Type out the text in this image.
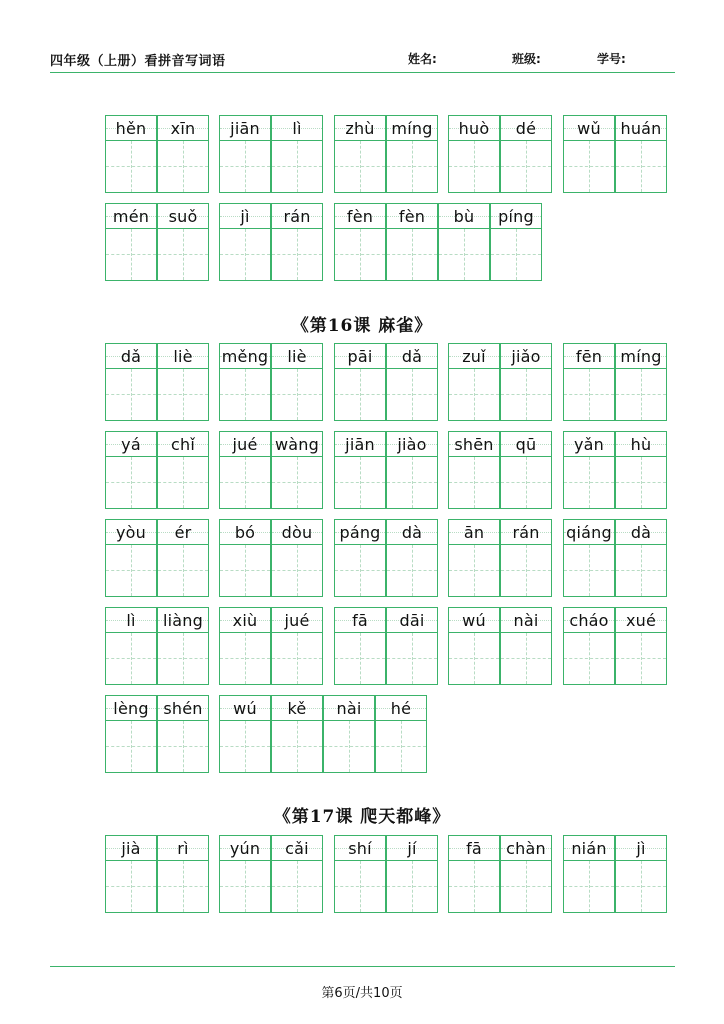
四年级（上册）看拼音写词语	姓名:	班级:	学号:
《第16课 麻雀》
《第17课 爬天都峰》
hěn xīn jiān lì	zhù míng huò dé	wǔ huán
mén suǒ	jì rán fèn fèn bù píng
dǎ liè měng liè	pāi dǎ	zuǐ jiǎo fēn míng
yá chǐ jué wàng jiān jiào shēn qū yǎn hù
yòu ér	bó dòu páng dà	ān rán qiáng dà
lì liàng xiù jué	fā dāi wú nài cháo xué
lèng shén wú kě nài hé
jià rì	yún cǎi shí jí	fā chàn nián jì
第6页/共10页
